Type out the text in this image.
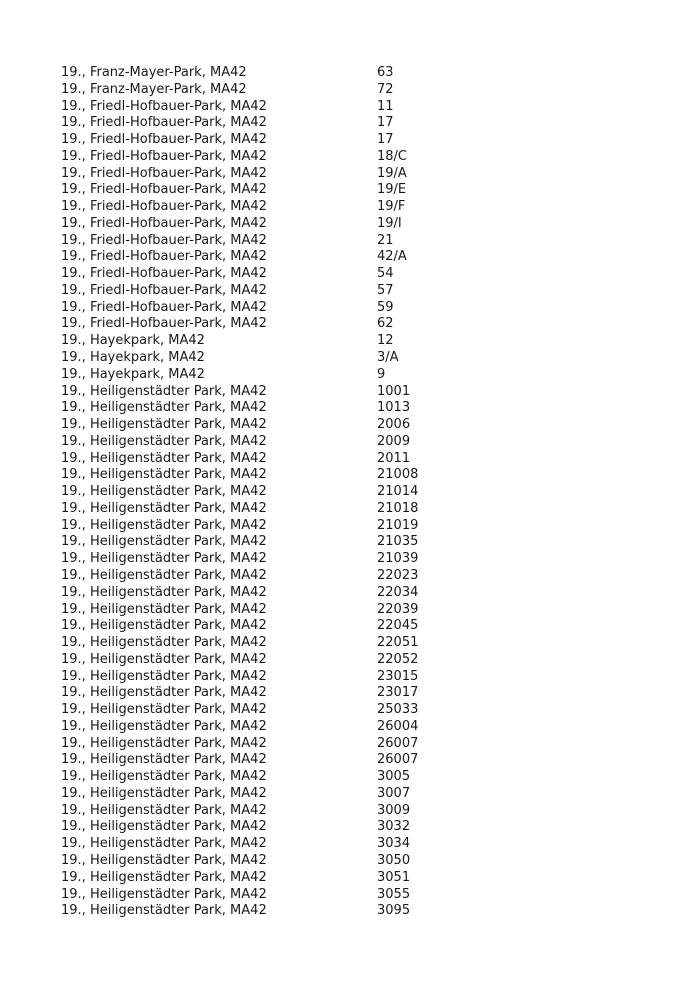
19., Franz-Mayer-Park, MA42	63
19., Franz-Mayer-Park, MA42	72
19., Friedl-Hofbauer-Park, MA42	11
19., Friedl-Hofbauer-Park, MA42	17
19., Friedl-Hofbauer-Park, MA42	17
19., Friedl-Hofbauer-Park, MA42	18/C
19., Friedl-Hofbauer-Park, MA42	19/A
19., Friedl-Hofbauer-Park, MA42	19/E
19., Friedl-Hofbauer-Park, MA42	19/F
19., Friedl-Hofbauer-Park, MA42	19/I
19., Friedl-Hofbauer-Park, MA42	21
19., Friedl-Hofbauer-Park, MA42	42/A
19., Friedl-Hofbauer-Park, MA42	54
19., Friedl-Hofbauer-Park, MA42	57
19., Friedl-Hofbauer-Park, MA42	59
19., Friedl-Hofbauer-Park, MA42	62
19., Hayekpark, MA42	12
19., Hayekpark, MA42	3/A
19., Hayekpark, MA42	9
19., Heiligenstädter Park, MA42	1001
19., Heiligenstädter Park, MA42	1013
19., Heiligenstädter Park, MA42	2006
19., Heiligenstädter Park, MA42	2009
19., Heiligenstädter Park, MA42	2011
19., Heiligenstädter Park, MA42	21008
19., Heiligenstädter Park, MA42	21014
19., Heiligenstädter Park, MA42	21018
19., Heiligenstädter Park, MA42	21019
19., Heiligenstädter Park, MA42	21035
19., Heiligenstädter Park, MA42	21039
19., Heiligenstädter Park, MA42	22023
19., Heiligenstädter Park, MA42	22034
19., Heiligenstädter Park, MA42	22039
19., Heiligenstädter Park, MA42	22045
19., Heiligenstädter Park, MA42	22051
19., Heiligenstädter Park, MA42	22052
19., Heiligenstädter Park, MA42	23015
19., Heiligenstädter Park, MA42	23017
19., Heiligenstädter Park, MA42	25033
19., Heiligenstädter Park, MA42	26004
19., Heiligenstädter Park, MA42	26007
19., Heiligenstädter Park, MA42	26007
19., Heiligenstädter Park, MA42	3005
19., Heiligenstädter Park, MA42	3007
19., Heiligenstädter Park, MA42	3009
19., Heiligenstädter Park, MA42	3032
19., Heiligenstädter Park, MA42	3034
19., Heiligenstädter Park, MA42	3050
19., Heiligenstädter Park, MA42	3051
19., Heiligenstädter Park, MA42	3055
19., Heiligenstädter Park, MA42	3095
